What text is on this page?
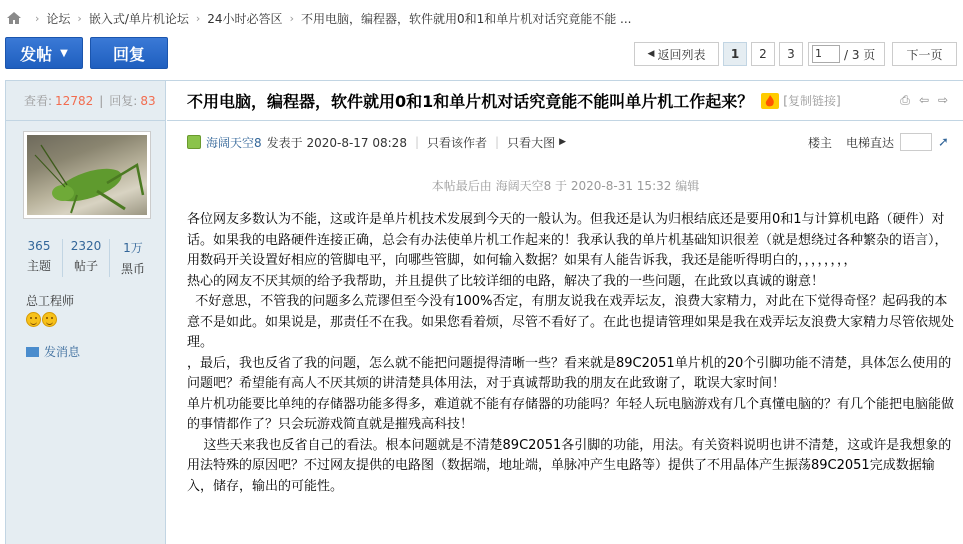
› 论坛 › 嵌入式/单片机论坛 › 24小时必答区 › 不用电脑，编程器，软件就用0和1和单片机对话究竟能不能 ...
发帖 ▼	回复	◀ 返回列表	1	2	3	1	/ 3 页	下一页
查看: 12782 | 回复: 83
365
主题
2320
帖子
1万
黑币
总工程师
发消息
不用电脑，编程器，软件就用0和1和单片机对话究竟能不能叫单片机工作起来？	[复制链接]	⎙ ⇦ ⇨
海阔天空8 发表于 2020-8-17 08:28 | 只看该作者 | 只看大图 ▶	楼主 电梯直达	➚
本帖最后由 海阔天空8 于 2020-8-31 15:32 编辑

各位网友多数认为不能，这或许是单片机技术发展到今天的一般认为。但我还是认为归根结底还是要用0和1与计算机电路（硬件）对话。如果我的电路硬件连接正确，总会有办法使单片机工作起来的！我承认我的单片机基础知识很差（就是想绕过各种繁杂的语言），用数码开关设置好相应的管脚电平，向哪些管脚，如何输入数据？如果有人能告诉我，我还是能听得明白的，，，，，，，，

热心的网友不厌其烦的给予我帮助，并且提供了比较详细的电路，解决了我的一些问题，在此致以真诚的谢意！

不好意思，不管我的问题多么荒谬但至今没有100%否定，有朋友说我在戏弄坛友，浪费大家精力，对此在下觉得奇怪？起码我的本意不是如此。如果说是，那责任不在我。如果您看着烦，尽管不看好了。在此也提请管理如果是我在戏弄坛友浪费大家精力尽管依规处理。

，最后，我也反省了我的问题，怎么就不能把问题提得清晰一些？看来就是89C2051单片机的20个引脚功能不清楚，具体怎么使用的问题吧？希望能有高人不厌其烦的讲清楚具体用法，对于真诚帮助我的朋友在此致谢了，耽误大家时间！

单片机功能要比单纯的存储器功能多得多，难道就不能有存储器的功能吗？年轻人玩电脑游戏有几个真懂电脑的？有几个能把电脑能做的事情都作了？只会玩游戏简直就是摧残高科技！

这些天来我也反省自己的看法。根本问题就是不清楚89C2051各引脚的功能，用法。有关资料说明也讲不清楚，这或许是我想象的用法特殊的原因吧？不过网友提供的电路图（数据端，地址端，单脉冲产生电路等）提供了不用晶体产生振荡89C2051完成数据输入，储存，输出的可能性。
